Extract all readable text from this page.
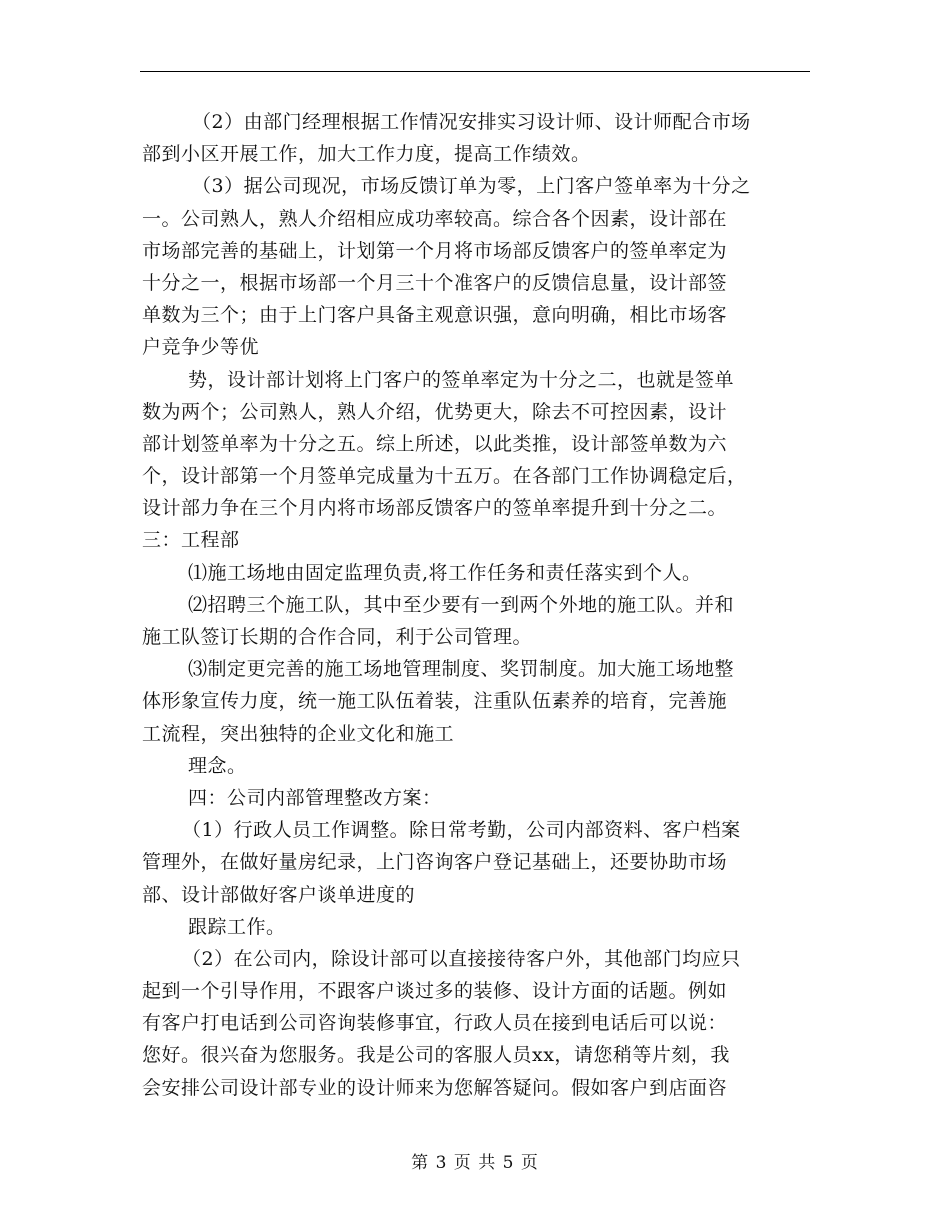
（2）由部门经理根据工作情况安排实习设计师、设计师配合市场
部到小区开展工作，加大工作力度，提高工作绩效。
（3）据公司现况，市场反馈订单为零，上门客户签单率为十分之
一。公司熟人，熟人介绍相应成功率较高。综合各个因素，设计部在
市场部完善的基础上，计划第一个月将市场部反馈客户的签单率定为
十分之一，根据市场部一个月三十个准客户的反馈信息量，设计部签
单数为三个；由于上门客户具备主观意识强，意向明确，相比市场客
户竞争少等优
势，设计部计划将上门客户的签单率定为十分之二，也就是签单
数为两个；公司熟人，熟人介绍，优势更大，除去不可控因素，设计
部计划签单率为十分之五。综上所述，以此类推，设计部签单数为六
个，设计部第一个月签单完成量为十五万。在各部门工作协调稳定后，
设计部力争在三个月内将市场部反馈客户的签单率提升到十分之二。
三：工程部
⑴施工场地由固定监理负责,将工作任务和责任落实到个人。
⑵招聘三个施工队，其中至少要有一到两个外地的施工队。并和
施工队签订长期的合作合同，利于公司管理。
⑶制定更完善的施工场地管理制度、奖罚制度。加大施工场地整
体形象宣传力度，统一施工队伍着装，注重队伍素养的培育，完善施
工流程，突出独特的企业文化和施工
理念。
四：公司内部管理整改方案：
（1）行政人员工作调整。除日常考勤，公司内部资料、客户档案
管理外，在做好量房纪录，上门咨询客户登记基础上，还要协助市场
部、设计部做好客户谈单进度的
跟踪工作。
（2）在公司内，除设计部可以直接接待客户外，其他部门均应只
起到一个引导作用，不跟客户谈过多的装修、设计方面的话题。例如
有客户打电话到公司咨询装修事宜，行政人员在接到电话后可以说：
您好。很兴奋为您服务。我是公司的客服人员xx，请您稍等片刻，我
会安排公司设计部专业的设计师来为您解答疑问。假如客户到店面咨
第 3 页 共 5 页
